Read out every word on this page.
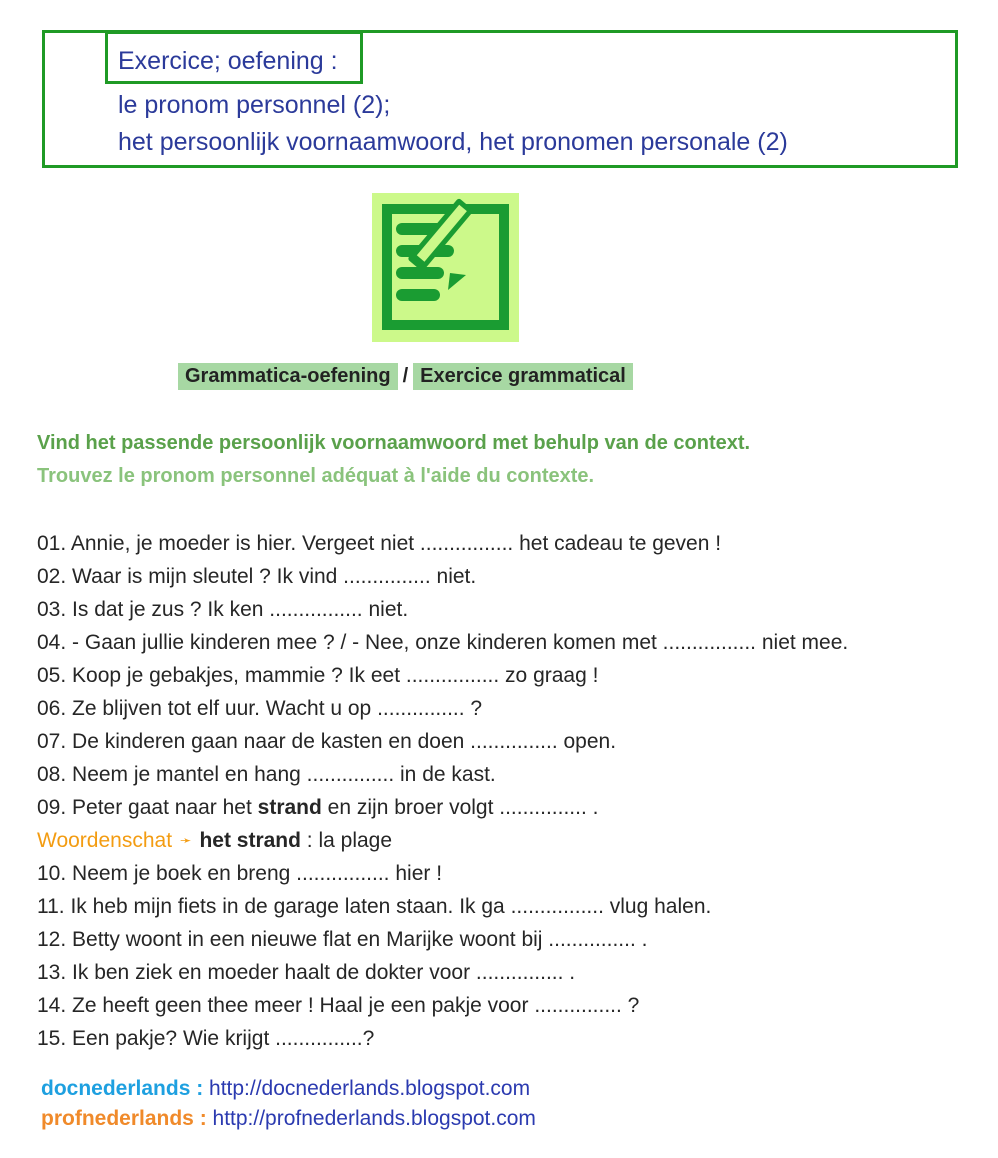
Exercice; oefening :
le pronom personnel (2);
het persoonlijk voornaamwoord, het pronomen personale (2)
Grammatica-oefening / Exercice grammatical
Vind het passende persoonlijk voornaamwoord met behulp van de context.
Trouvez le pronom personnel adéquat à l'aide du contexte.
01. Annie, je moeder is hier. Vergeet niet ................ het cadeau te geven !
02. Waar is mijn sleutel ? Ik vind ............... niet.
03. Is dat je zus ? Ik ken ................ niet.
04. - Gaan jullie kinderen mee ? / - Nee, onze kinderen komen met ................ niet mee.
05. Koop je gebakjes, mammie ? Ik eet ................ zo graag !
06. Ze blijven tot elf uur. Wacht u op ............... ?
07. De kinderen gaan naar de kasten en doen ............... open.
08. Neem je mantel en hang ............... in de kast.
09. Peter gaat naar het strand en zijn broer volgt ............... .
Woordenschat ➛ het strand : la plage
10. Neem je boek en breng ................ hier !
11. Ik heb mijn fiets in de garage laten staan. Ik ga ................ vlug halen.
12. Betty woont in een nieuwe flat en Marijke woont bij ............... .
13. Ik ben ziek en moeder haalt de dokter voor ............... .
14. Ze heeft geen thee meer ! Haal je een pakje voor ............... ?
15. Een pakje? Wie krijgt ...............?
docnederlands : http://docnederlands.blogspot.com
profnederlands : http://profnederlands.blogspot.com
